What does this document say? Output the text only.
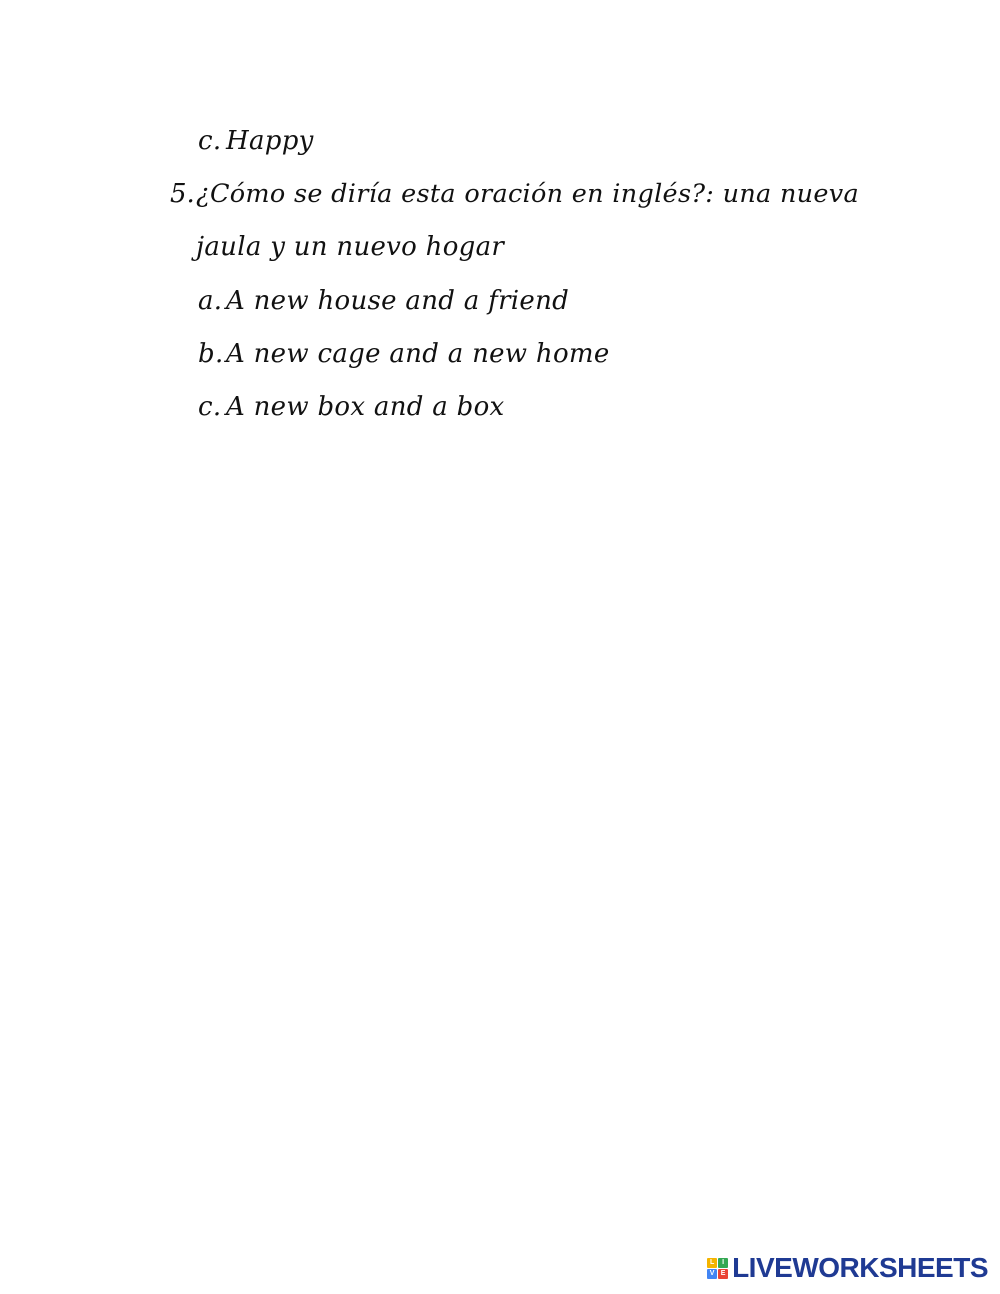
c. Happy
5. ¿Cómo se diría esta oración en inglés?: una nueva
jaula y un nuevo hogar
a. A new house and a friend
b.A new cage and a new home
c. A new box and a box
L	I
V E LIVEWORKSHEETS
